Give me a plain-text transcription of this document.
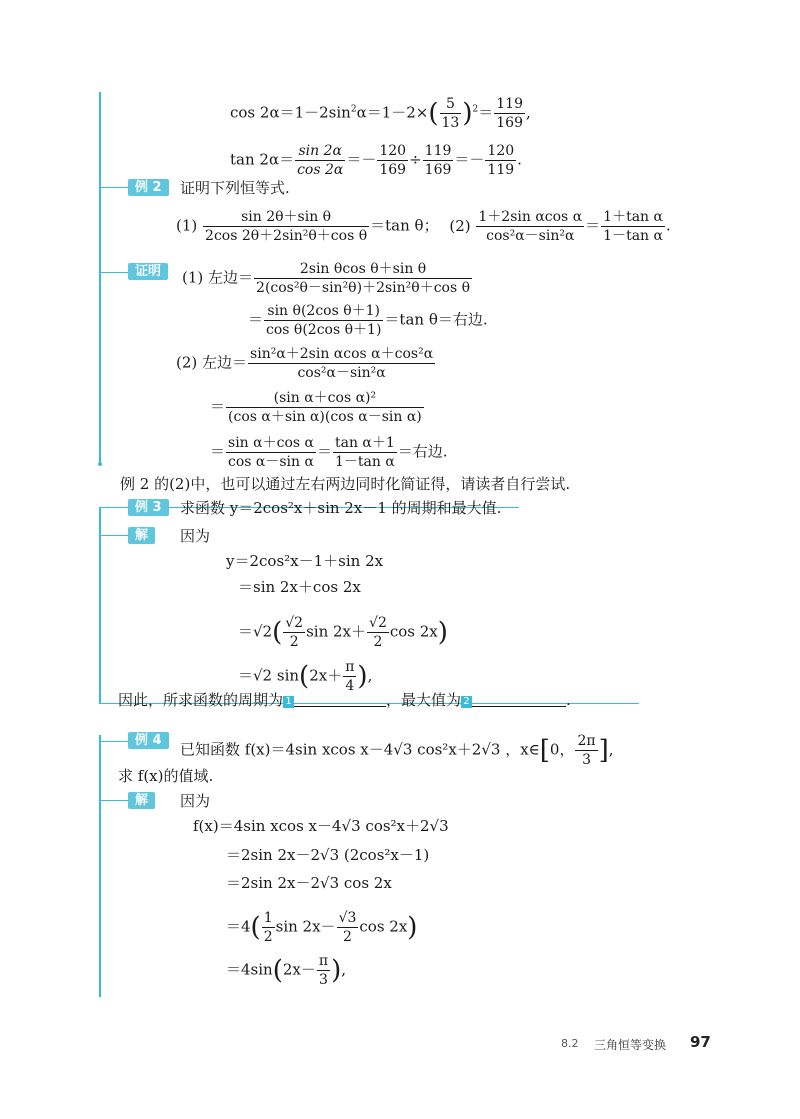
$\cos 2\alpha=1-2\sin^2\alpha=1-2\times( \frac{5}{13} )^2= \frac{119}{169}$ ,
$\tan 2\alpha= \frac{\sin 2\alpha}{\cos 2\alpha} =- \frac{120}{169} \div \frac{119}{169} =- \frac{120}{119}$ .
例 2	证明下列恒等式.
$(1) \frac{\text{sin 2θ＋sin θ}}{\text{2cos 2θ＋2sin²θ＋cos θ}} =\tan$ θ； $(2) \frac{\text{1＋2sin αcos α}}{\text{cos²α－sin²α}} = \frac{\text{1＋tan α}}{\text{1－tan α}}$ .
证明	(1) 左边＝ $\frac{\text{2sin θcos θ＋sin θ}}{\text{2(cos²θ－sin²θ)＋2sin²θ＋cos θ}}$
＝ $\frac{\text{sin θ(2cos θ＋1)}}{\text{cos θ(2cos θ＋1)}} =\tan$ θ＝右边.
(2) 左边＝ $\frac{\text{sin²α＋2sin αcos α＋cos²α}}{\text{cos²α－sin²α}}$
＝ $\frac{\text{(sin α＋cos α)²}}{\text{(cos α＋sin α)(cos α－sin α)}}$
＝ $\frac{\text{sin α＋cos α}}{\text{cos α－sin α}} = \frac{\text{tan α＋1}}{\text{1－tan α}}$ ＝右边.
例 2 的(2)中，也可以通过左右两边同时化简证得，请读者自行尝试.
例 3	求函数 y＝2cos²x＋sin 2x－1 的周期和最大值.
解	因为
y＝2cos²x－1＋sin 2x
＝sin 2x＋cos 2x
$=√2( \frac{√2}{2}$ $\sin 2x+ \frac{√2}{2}$ cos 2x)
＝√2 $\sin(2x+ \frac{\pi}{4}$ ),
因此，所求函数的周期为 1	，最大值为 2	.
例 4	已知函数 f(x)＝4sin xcos x－4√3 cos²x＋2√3 ，x∈[0， $\frac{2\pi}{3}$ ],
求 f(x)的值域.
解	因为
f(x)＝4sin xcos x－4√3 cos²x＋2√3
＝2sin 2x－2√3 (2cos²x－1)
＝2sin 2x－2√3 cos 2x
$=4( \frac{1}{2}$ $\sin 2x- \frac{√3}{2}$ cos 2x)
$=4\sin(2x- \frac{\pi}{3}$ ),
8.2 三角恒等变换 97
